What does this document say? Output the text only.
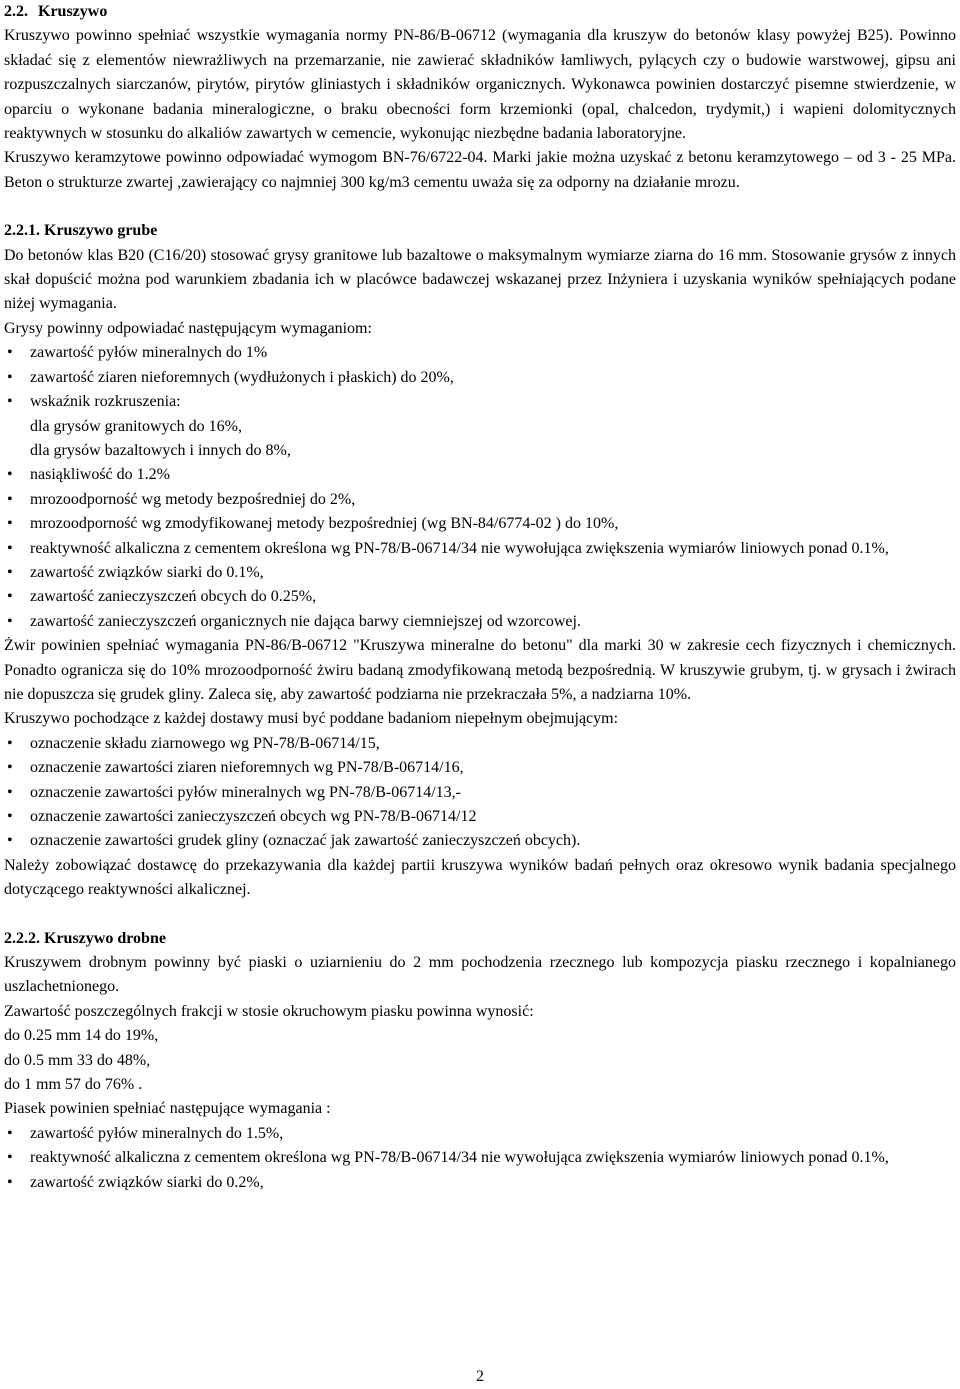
2.2. Kruszywo

Kruszywo powinno spełniać wszystkie wymagania normy PN-86/B-06712 (wymagania dla kruszyw do betonów klasy powyżej B25). Powinno składać się z elementów niewrażliwych na przemarzanie, nie zawierać składników łamliwych, pylących czy o budowie warstwowej, gipsu ani rozpuszczalnych siarczanów, pirytów, pirytów gliniastych i składników organicznych. Wykonawca powinien dostarczyć pisemne stwierdzenie, w oparciu o wykonane badania mineralogiczne, o braku obecności form krzemionki (opal, chalcedon, trydymit,) i wapieni dolomitycznych reaktywnych w stosunku do alkaliów zawartych w cemencie, wykonując niezbędne badania laboratoryjne.

Kruszywo keramzytowe powinno odpowiadać wymogom BN-76/6722-04. Marki jakie można uzyskać z betonu keramzytowego – od 3 - 25 MPa. Beton o strukturze zwartej ,zawierający co najmniej 300 kg/m3 cementu uważa się za odporny na działanie mrozu.

2.2.1. Kruszywo grube

Do betonów klas B20 (C16/20) stosować grysy granitowe lub bazaltowe o maksymalnym wymiarze ziarna do 16 mm. Stosowanie grysów z innych skał dopuścić można pod warunkiem zbadania ich w placówce badawczej wskazanej przez Inżyniera i uzyskania wyników spełniających podane niżej wymagania.

Grysy powinny odpowiadać następującym wymaganiom:

• zawartość pyłów mineralnych do 1%
• zawartość ziaren nieforemnych (wydłużonych i płaskich) do 20%,
• wskaźnik rozkruszenia:
dla grysów granitowych do 16%,
dla grysów bazaltowych i innych do 8%,
• nasiąkliwość do 1.2%
• mrozoodporność wg metody bezpośredniej do 2%,
• mrozoodporność wg zmodyfikowanej metody bezpośredniej (wg BN-84/6774-02 ) do 10%,
• reaktywność alkaliczna z cementem określona wg PN-78/B-06714/34 nie wywołująca zwiększenia wymiarów liniowych ponad 0.1%,
• zawartość związków siarki do 0.1%,
• zawartość zanieczyszczeń obcych do 0.25%,
• zawartość zanieczyszczeń organicznych nie dająca barwy ciemniejszej od wzorcowej.

Żwir powinien spełniać wymagania PN-86/B-06712 "Kruszywa mineralne do betonu" dla marki 30 w zakresie cech fizycznych i chemicznych. Ponadto ogranicza się do 10% mrozoodporność żwiru badaną zmodyfikowaną metodą bezpośrednią. W kruszywie grubym, tj. w grysach i żwirach nie dopuszcza się grudek gliny. Zaleca się, aby zawartość podziarna nie przekraczała 5%, a nadziarna 10%.

Kruszywo pochodzące z każdej dostawy musi być poddane badaniom niepełnym obejmującym:

• oznaczenie składu ziarnowego wg PN-78/B-06714/15,
• oznaczenie zawartości ziaren nieforemnych wg PN-78/B-06714/16,
• oznaczenie zawartości pyłów mineralnych wg PN-78/B-06714/13,-
• oznaczenie zawartości zanieczyszczeń obcych wg PN-78/B-06714/12
• oznaczenie zawartości grudek gliny (oznaczać jak zawartość zanieczyszczeń obcych).

Należy zobowiązać dostawcę do przekazywania dla każdej partii kruszywa wyników badań pełnych oraz okresowo wynik badania specjalnego dotyczącego reaktywności alkalicznej.

2.2.2. Kruszywo drobne

Kruszywem drobnym powinny być piaski o uziarnieniu do 2 mm pochodzenia rzecznego lub kompozycja piasku rzecznego i kopalnianego uszlachetnionego.

Zawartość poszczególnych frakcji w stosie okruchowym piasku powinna wynosić:

do 0.25 mm 14 do 19%,

do 0.5 mm 33 do 48%,

do 1 mm 57 do 76% .

Piasek powinien spełniać następujące wymagania :

• zawartość pyłów mineralnych do 1.5%,
• reaktywność alkaliczna z cementem określona wg PN-78/B-06714/34 nie wywołująca zwiększenia wymiarów liniowych ponad 0.1%,
• zawartość związków siarki do 0.2%,
2
